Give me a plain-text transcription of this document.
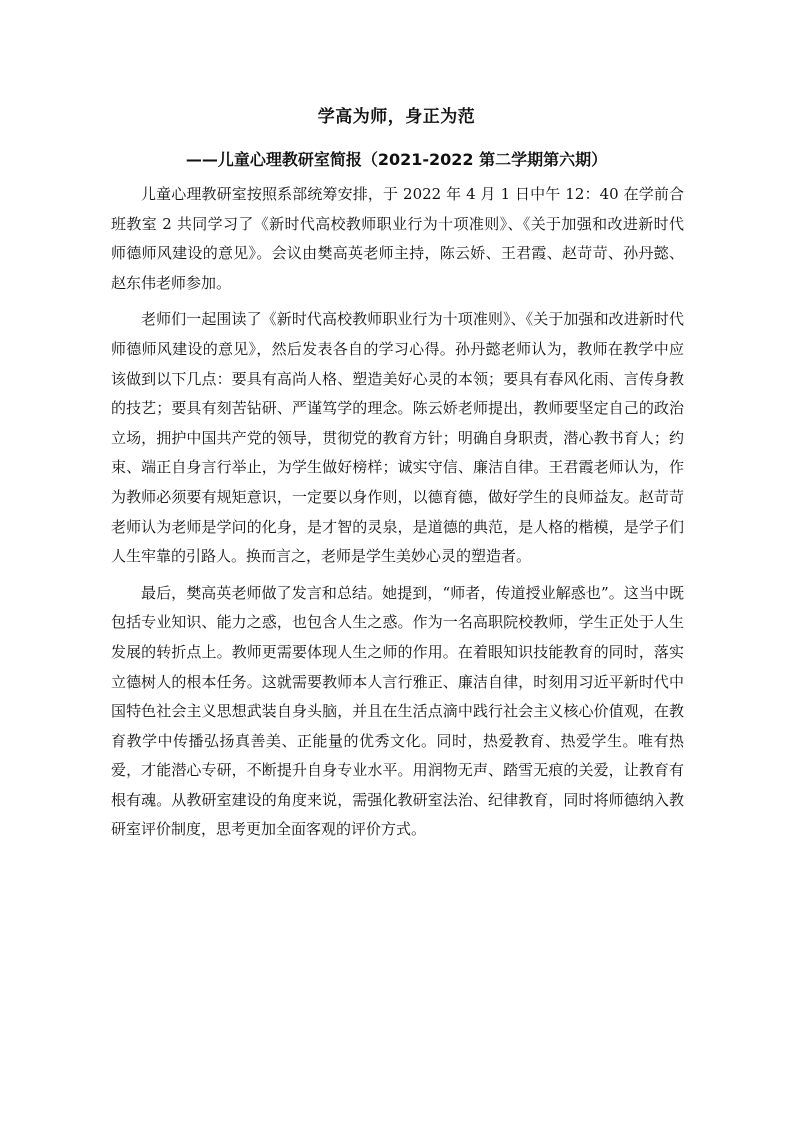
学高为师，身正为范
——儿童心理教研室简报（2021-2022 第二学期第六期）

儿童心理教研室按照系部统筹安排，于 2022 年 4 月 1 日中午 12：40 在学前合班教室 2 共同学习了《新时代高校教师职业行为十项准则》、《关于加强和改进新时代师德师风建设的意见》。会议由樊高英老师主持，陈云娇、王君霞、赵苛苛、孙丹懿、赵东伟老师参加。

老师们一起围读了《新时代高校教师职业行为十项准则》、《关于加强和改进新时代师德师风建设的意见》，然后发表各自的学习心得。孙丹懿老师认为，教师在教学中应该做到以下几点：要具有高尚人格、塑造美好心灵的本领；要具有春风化雨、言传身教的技艺；要具有刻苦钻研、严谨笃学的理念。陈云娇老师提出，教师要坚定自己的政治立场，拥护中国共产党的领导，贯彻党的教育方针；明确自身职责，潜心教书育人；约束、端正自身言行举止，为学生做好榜样；诚实守信、廉洁自律。王君霞老师认为，作为教师必须要有规矩意识，一定要以身作则，以德育德，做好学生的良师益友。赵苛苛老师认为老师是学问的化身，是才智的灵泉，是道德的典范，是人格的楷模，是学子们人生牢靠的引路人。换而言之，老师是学生美妙心灵的塑造者。

最后，樊高英老师做了发言和总结。她提到，“师者，传道授业解惑也”。这当中既包括专业知识、能力之惑，也包含人生之惑。作为一名高职院校教师，学生正处于人生发展的转折点上。教师更需要体现人生之师的作用。在着眼知识技能教育的同时，落实立德树人的根本任务。这就需要教师本人言行雅正、廉洁自律，时刻用习近平新时代中国特色社会主义思想武装自身头脑，并且在生活点滴中践行社会主义核心价值观，在教育教学中传播弘扬真善美、正能量的优秀文化。同时，热爱教育、热爱学生。唯有热爱，才能潜心专研，不断提升自身专业水平。用润物无声、踏雪无痕的关爱，让教育有根有魂。从教研室建设的角度来说，需强化教研室法治、纪律教育，同时将师德纳入教研室评价制度，思考更加全面客观的评价方式。
